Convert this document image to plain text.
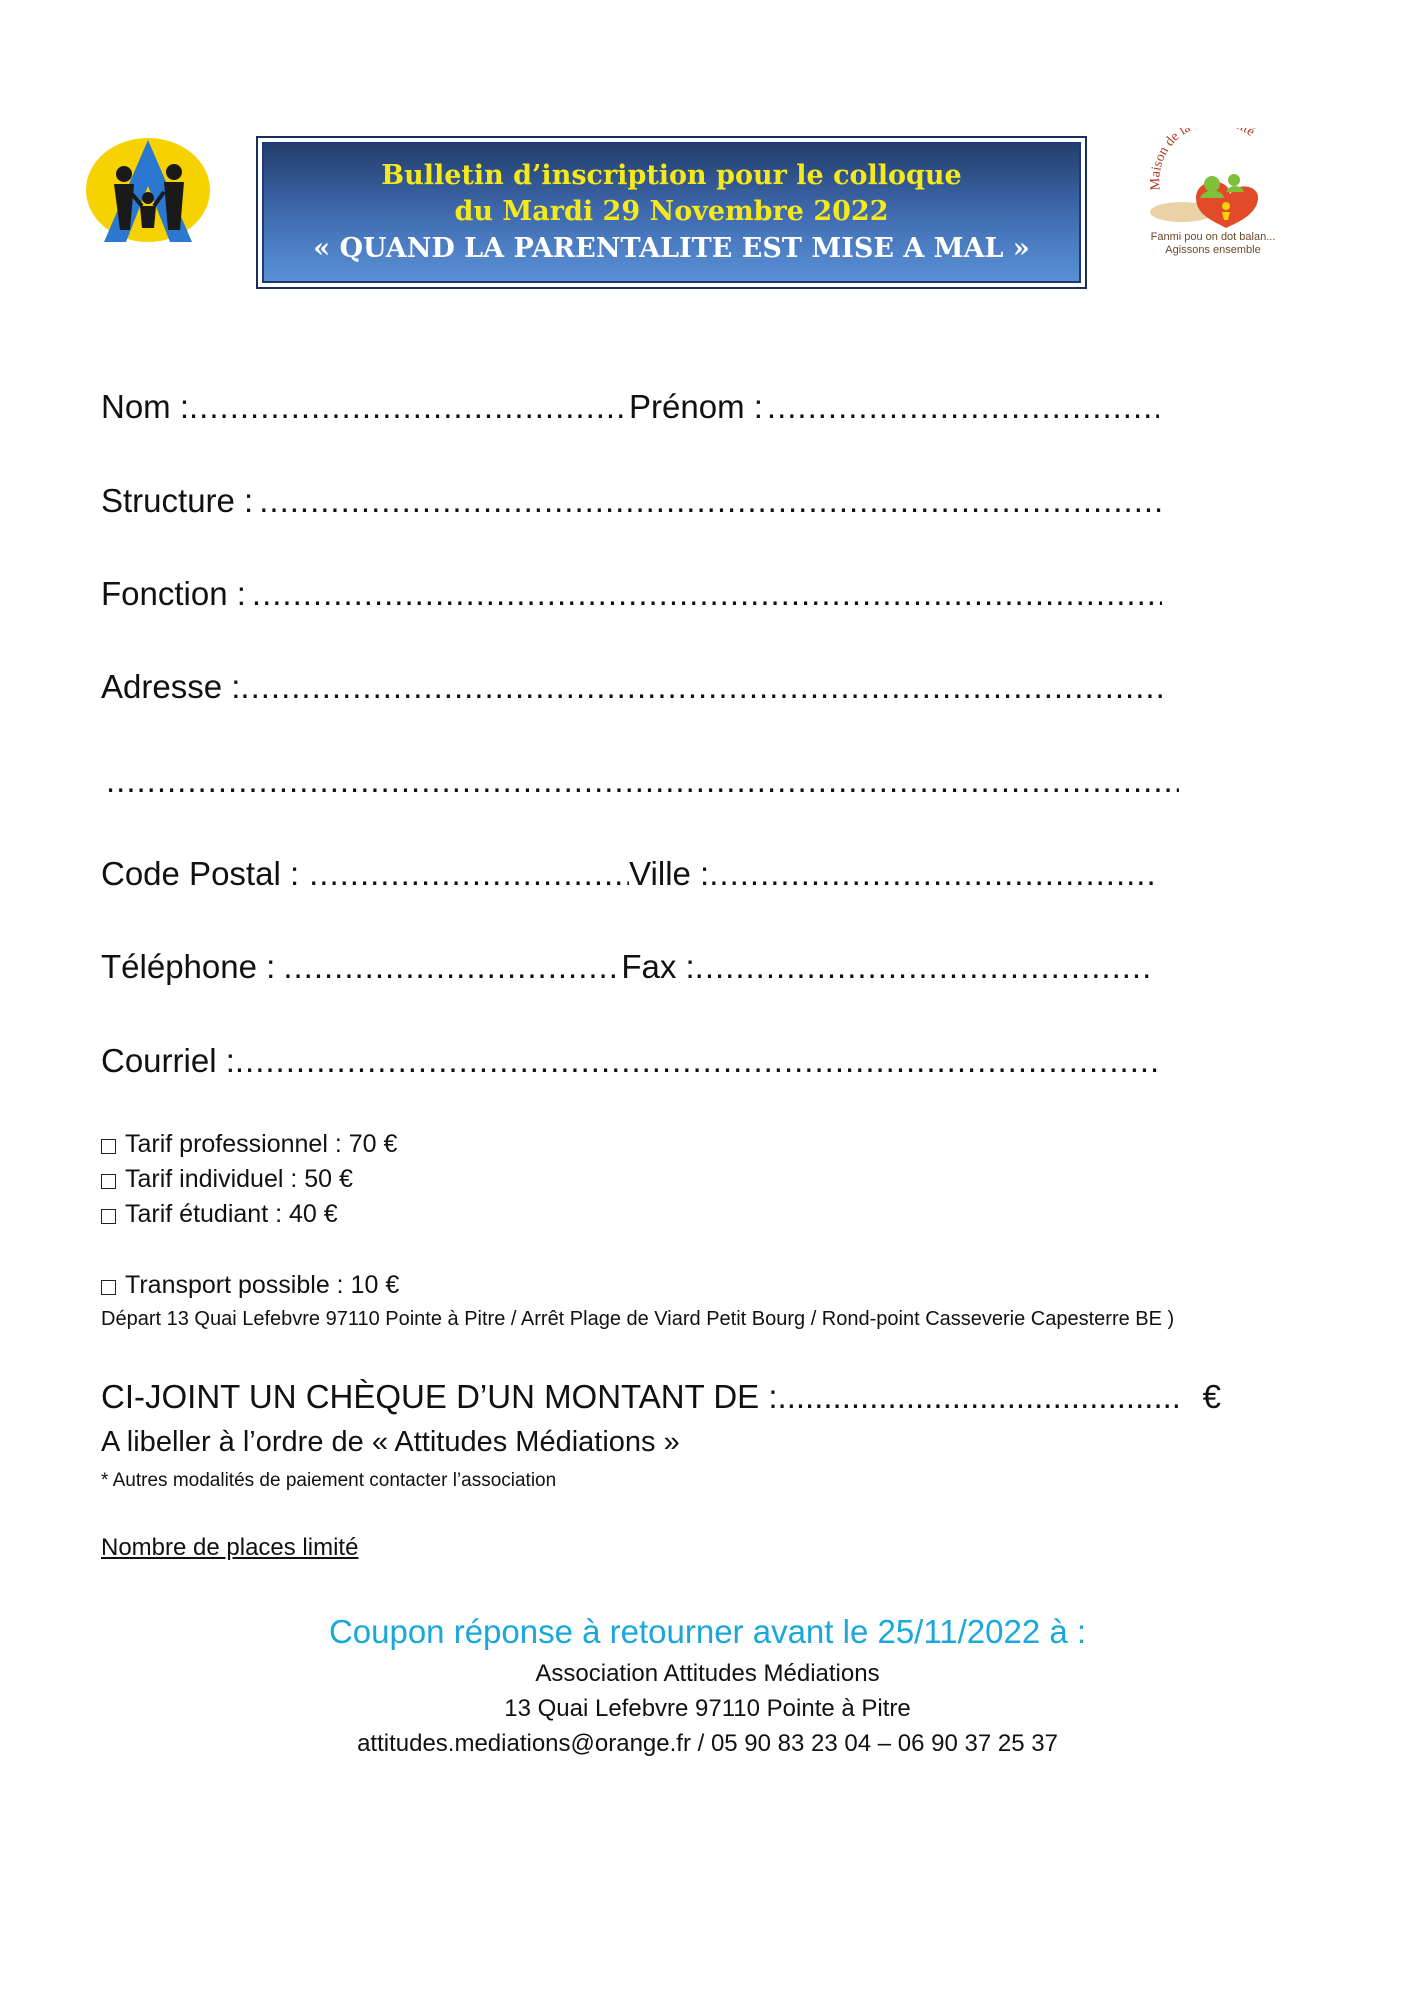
Bulletin d’inscription pour le colloque
du Mardi 29 Novembre 2022
« QUAND LA PARENTALITE EST MISE A MAL »
Maison de la té
Fanmi pou on dot balan...
Agissons ensemble
Nom : .....	Prénom :
.....
Structure :
.....
Fonction :
.....
Adresse :
.....
.....
Code Postal : .....	Ville :
.....
Téléphone : .....	Fax :
.....
Courriel :
.....
Tarif professionnel : 70 €
Tarif individuel : 50 €
Tarif étudiant : 40 €
Transport possible : 10 €
Départ 13 Quai Lefebvre 97110 Pointe à Pitre / Arrêt Plage de Viard Petit Bourg / Rond-point Casseverie Capesterre BE )
CI-JOINT UN CHÈQUE D’UN MONTANT DE : .....	€
A libeller à l’ordre de « Attitudes Médiations »
* Autres modalités de paiement contacter l’association
Nombre de places limité
Coupon réponse à retourner avant le 25/11/2022 à :
Association Attitudes Médiations
13 Quai Lefebvre 97110 Pointe à Pitre
attitudes.mediations@orange.fr / 05 90 83 23 04 – 06 90 37 25 37
